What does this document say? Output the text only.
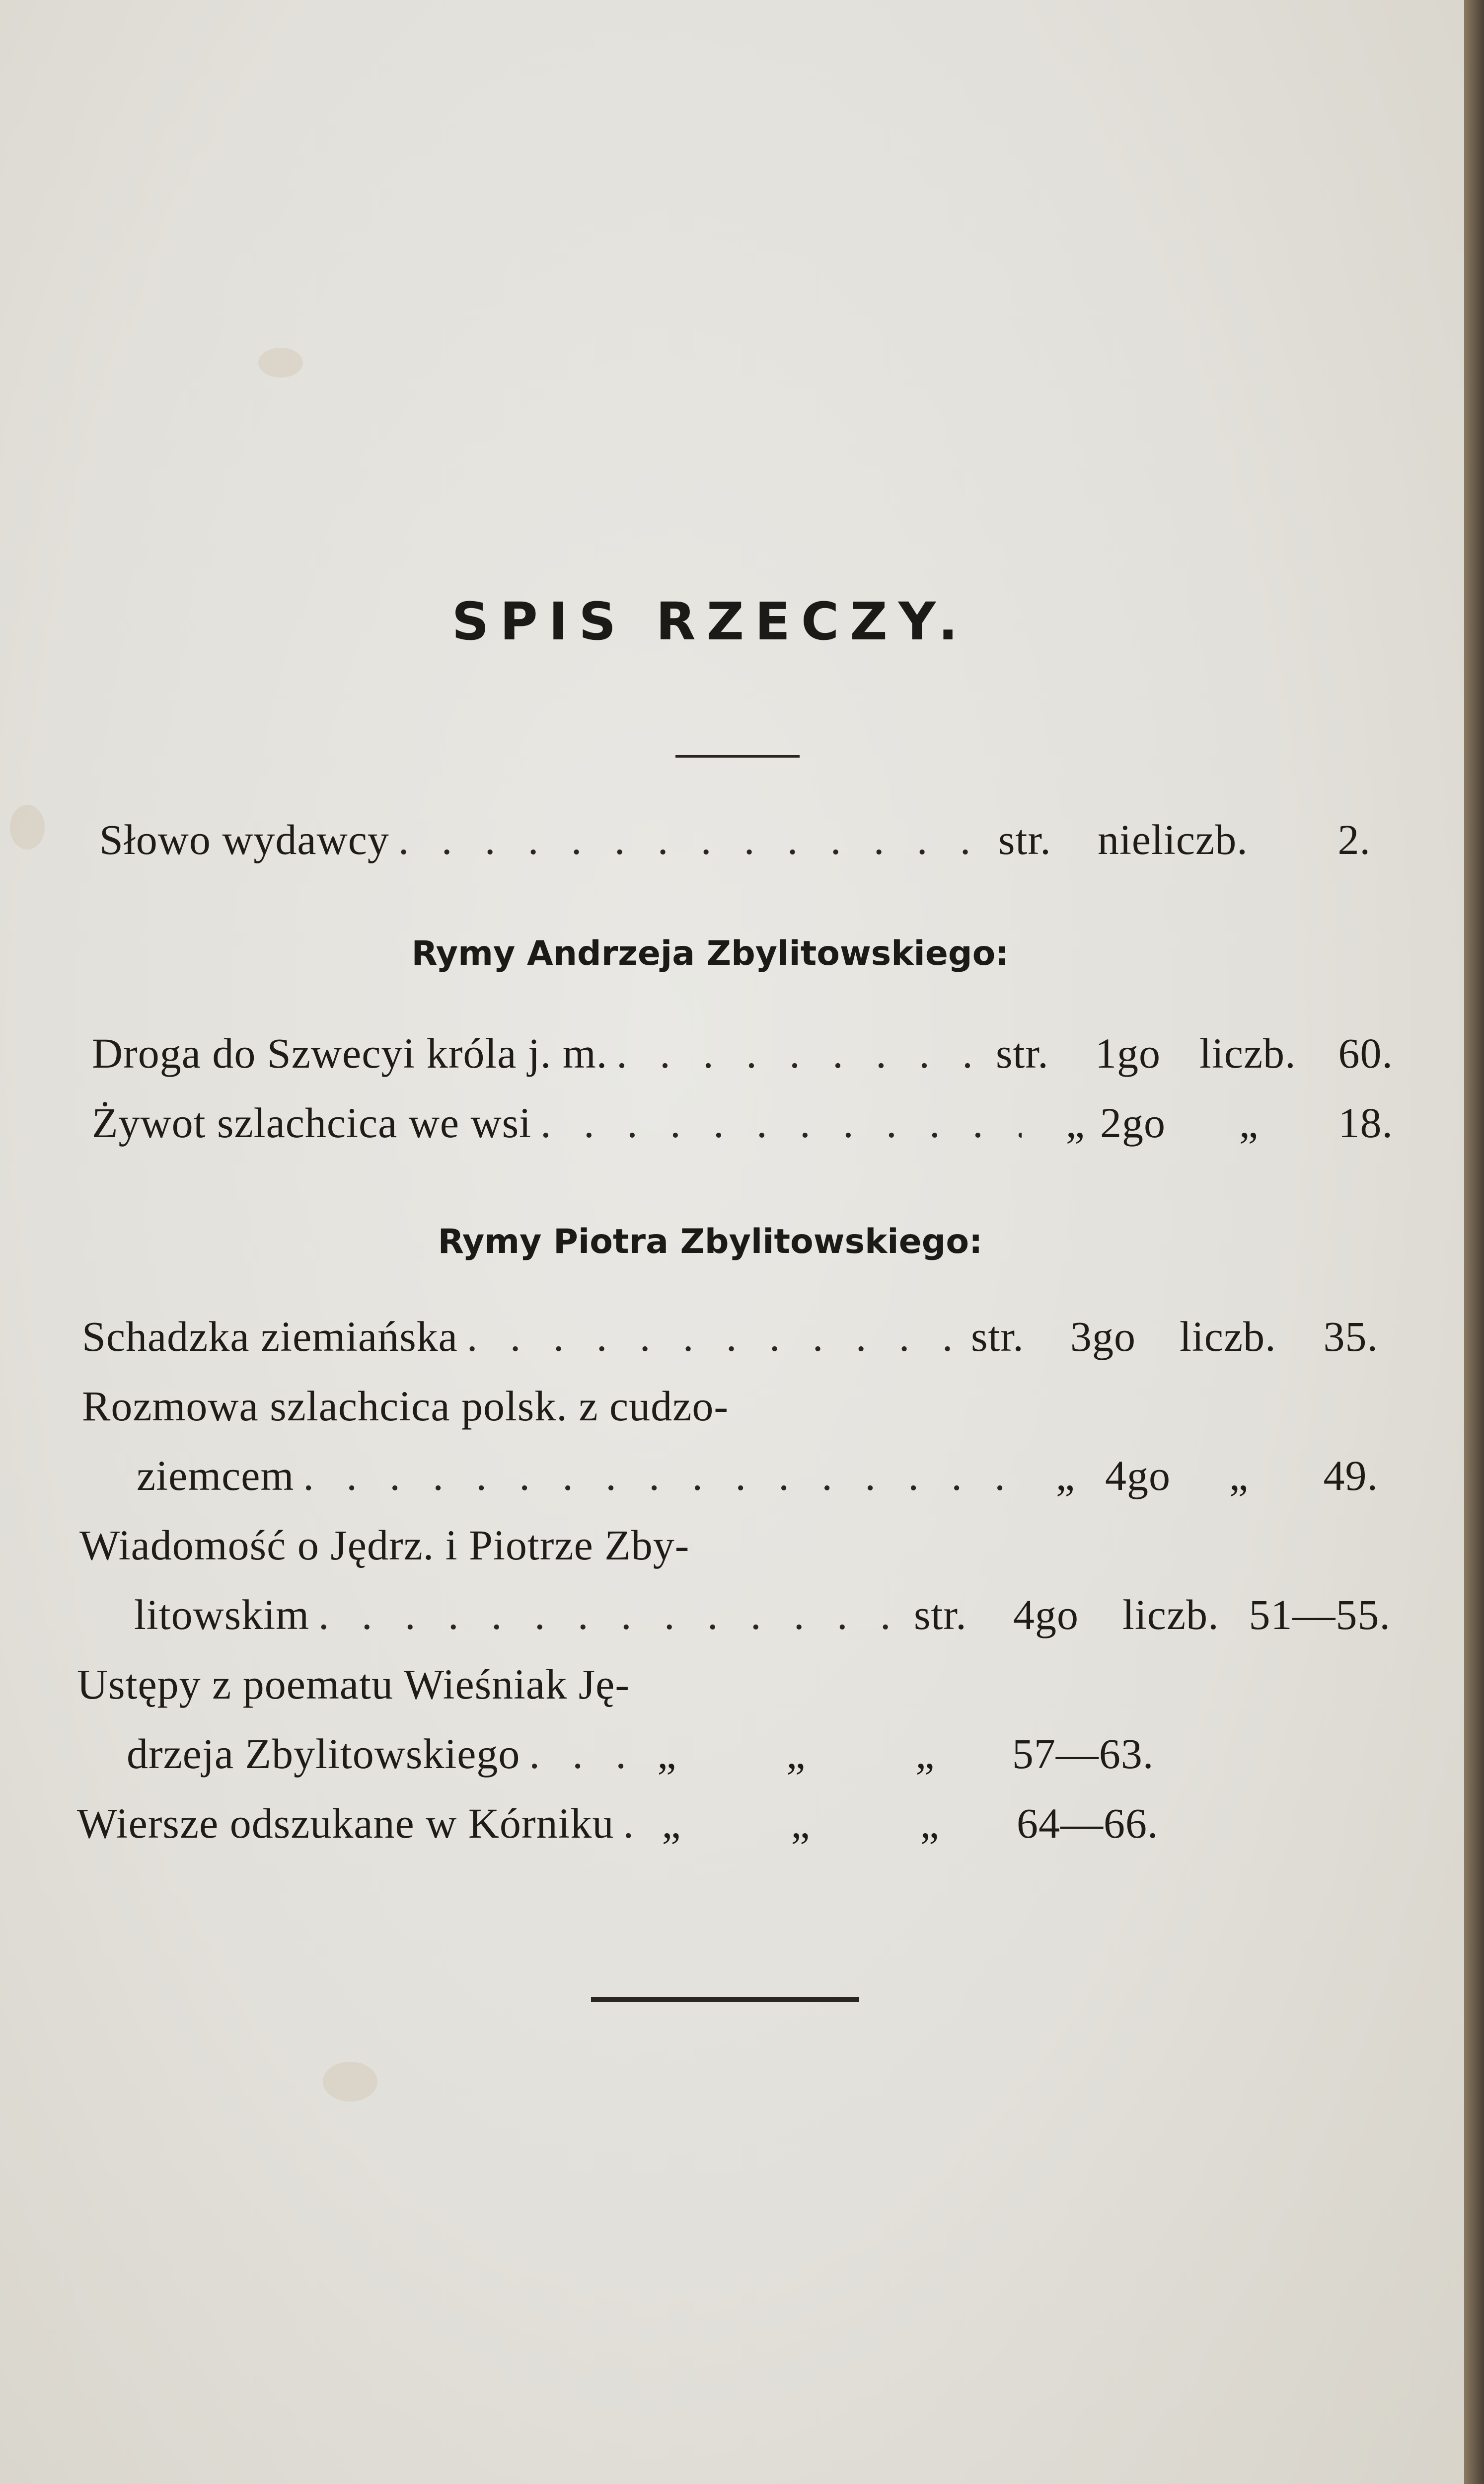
SPIS RZECZY.
Słowo wydawcy . . .	str.	nieliczb.	2.
Rymy Andrzeja Zbylitowskiego:
Droga do Szwecyi króla j. m. . . .	str.	1go liczb. 60.
Żywot szlachcica we wsi . . .	„ 2go	„	18.
Rymy Piotra Zbylitowskiego:
Schadzka ziemiańska . . .	str.	3go	liczb.	35.
Rozmowa szlachcica polsk. z cudzo-
ziemcem . . .	„ 4go	„	49.
Wiadomość o Jędrz. i Piotrze Zby-
litowskim . . .	str.	4go	liczb. 51—55.
Ustępy z poematu Wieśniak Ję-
drzeja Zbylitowskiego . . .	„	„	„	57—63.
Wiersze odszukane w Kórniku . . . „	„	„	64—66.
